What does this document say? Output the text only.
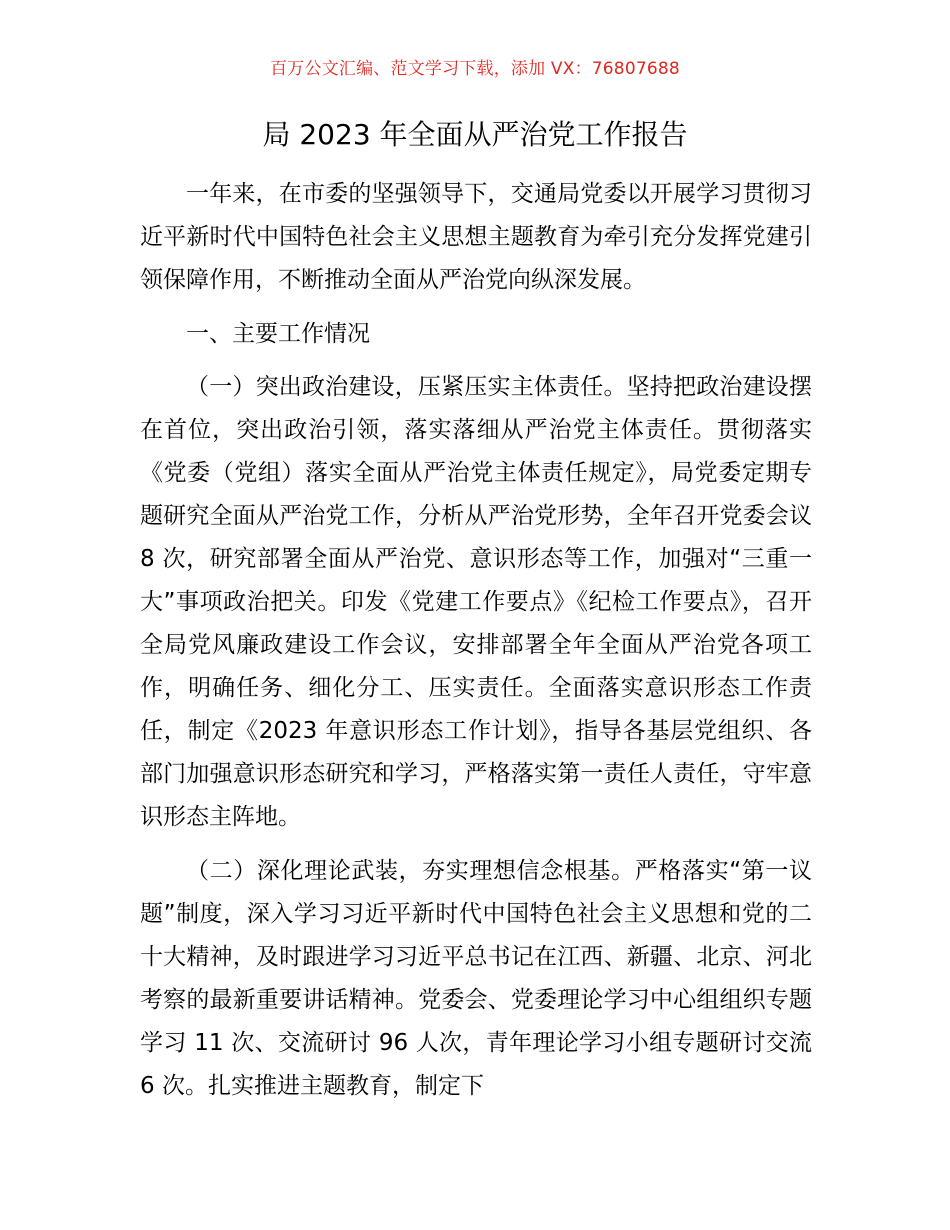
百万公文汇编、范文学习下载，添加 VX：76807688
局 2023 年全面从严治党工作报告

一年来，在市委的坚强领导下，交通局党委以开展学习贯彻习近平新时代中国特色社会主义思想主题教育为牵引充分发挥党建引领保障作用，不断推动全面从严治党向纵深发展。

一、主要工作情况

（一）突出政治建设，压紧压实主体责任。坚持把政治建设摆在首位，突出政治引领，落实落细从严治党主体责任。贯彻落实《党委（党组）落实全面从严治党主体责任规定》，局党委定期专题研究全面从严治党工作，分析从严治党形势，全年召开党委会议 8 次，研究部署全面从严治党、意识形态等工作，加强对“三重一大”事项政治把关。印发《党建工作要点》《纪检工作要点》，召开全局党风廉政建设工作会议，安排部署全年全面从严治党各项工作，明确任务、细化分工、压实责任。全面落实意识形态工作责任，制定《2023 年意识形态工作计划》，指导各基层党组织、各部门加强意识形态研究和学习，严格落实第一责任人责任，守牢意识形态主阵地。

（二）深化理论武装，夯实理想信念根基。严格落实“第一议题”制度，深入学习习近平新时代中国特色社会主义思想和党的二十大精神，及时跟进学习习近平总书记在江西、新疆、北京、河北考察的最新重要讲话精神。党委会、党委理论学习中心组组织专题学习 11 次、交流研讨 96 人次，青年理论学习小组专题研讨交流 6 次。扎实推进主题教育，制定下
